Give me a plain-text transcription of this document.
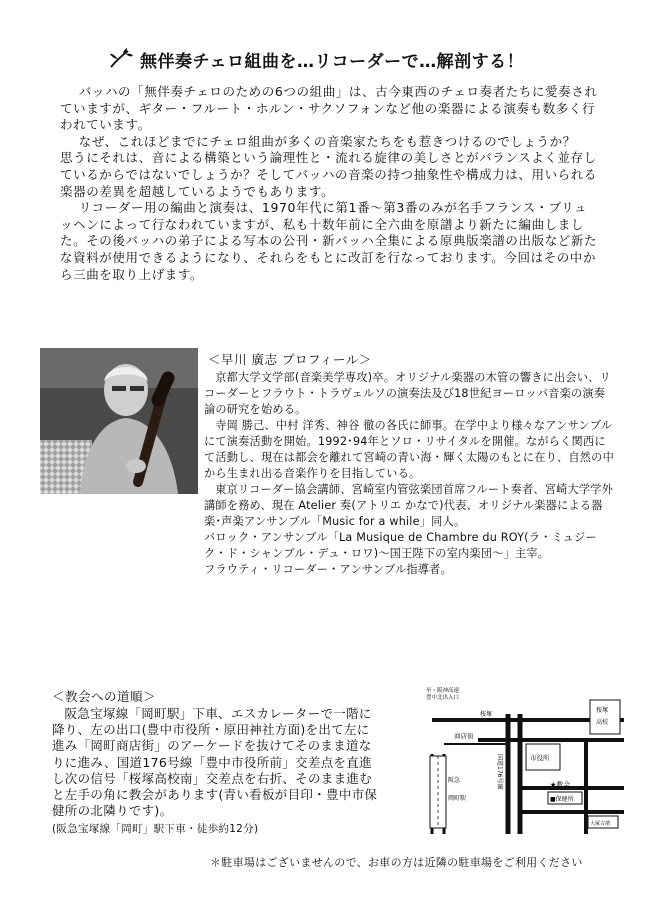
無伴奏チェロ組曲を…リコーダーで…解剖する！

バッハの「無伴奏チェロのための6つの組曲」は、古今東西のチェロ奏者たちに愛奏されていますが、ギター・フルート・ホルン・サクソフォンなど他の楽器による演奏も数多く行われています。

なぜ、これほどまでにチェロ組曲が多くの音楽家たちをも惹きつけるのでしょうか？　思うにそれは、音による構築という論理性と・流れる旋律の美しさとがバランスよく並存しているからではないでしょうか？そしてバッハの音楽の持つ抽象性や構成力は、用いられる楽器の差異を超越しているようでもあります。

リコーダー用の編曲と演奏は、1970年代に第1番〜第3番のみが名手フランス・ブリュッヘンによって行なわれていますが、私も十数年前に全六曲を原譜より新たに編曲しました。その後バッハの弟子による写本の公刊・新バッハ全集による原典版楽譜の出版など新たな資料が使用できるようになり、それらをもとに改訂を行なっております。今回はその中から三曲を取り上げます。

＜早川 廣志 プロフィール＞

京都大学文学部(音楽美学専攻)卒。オリジナル楽器の木管の響きに出会い、リコーダーとフラウト・トラヴェルソの演奏法及び18世紀ヨーロッパ音楽の演奏論の研究を始める。

寺岡 勝己、中村 洋秀、神谷 徹の各氏に師事。在学中より様々なアンサンブルにて演奏活動を開始。1992･94年とソロ・リサイタルを開催。ながらく関西にて活動し、現在は都会を離れて宮崎の青い海・輝く太陽のもとに在り、自然の中から生まれ出る音楽作りを目指している。

東京リコーダー協会講師、宮崎室内管弦楽団首席フルート奏者、宮崎大学学外講師を務め、現在 Atelier 奏(アトリエ かなで)代表、オリジナル楽器による器楽･声楽アンサンブル「Music for a while」同人。

バロック・アンサンブル「La Musique de Chambre du ROY(ラ・ミュジーク・ド・シャンブル・デュ・ロワ)〜国王陛下の室内楽団〜」主宰。

フラウティ・リコーダー・アンサンブル指導者。

＜教会への道順＞

阪急宝塚線「岡町駅」下車、エスカレーターで一階に降り、左の出口(豊中市役所・原田神社方面)を出て左に進み「岡町商店街」のアーケードを抜けてそのまま道なりに進み、国道176号線「豊中市役所前」交差点を直進し次の信号「桜塚高校南」交差点を右折、そのまま進むと左手の角に教会があります(青い看板が目印・豊中市保健所の北隣りです)。

(阪急宝塚線「岡町」駅下車・徒歩約12分)

至・阪神高速
豊中北出入口
桜塚
商店街
市役所
桜塚
高校
阪急
岡町駅
国道176号線	★教会
■保健所
大塚古墳
＊駐車場はございませんので、お車の方は近隣の駐車場をご利用ください
